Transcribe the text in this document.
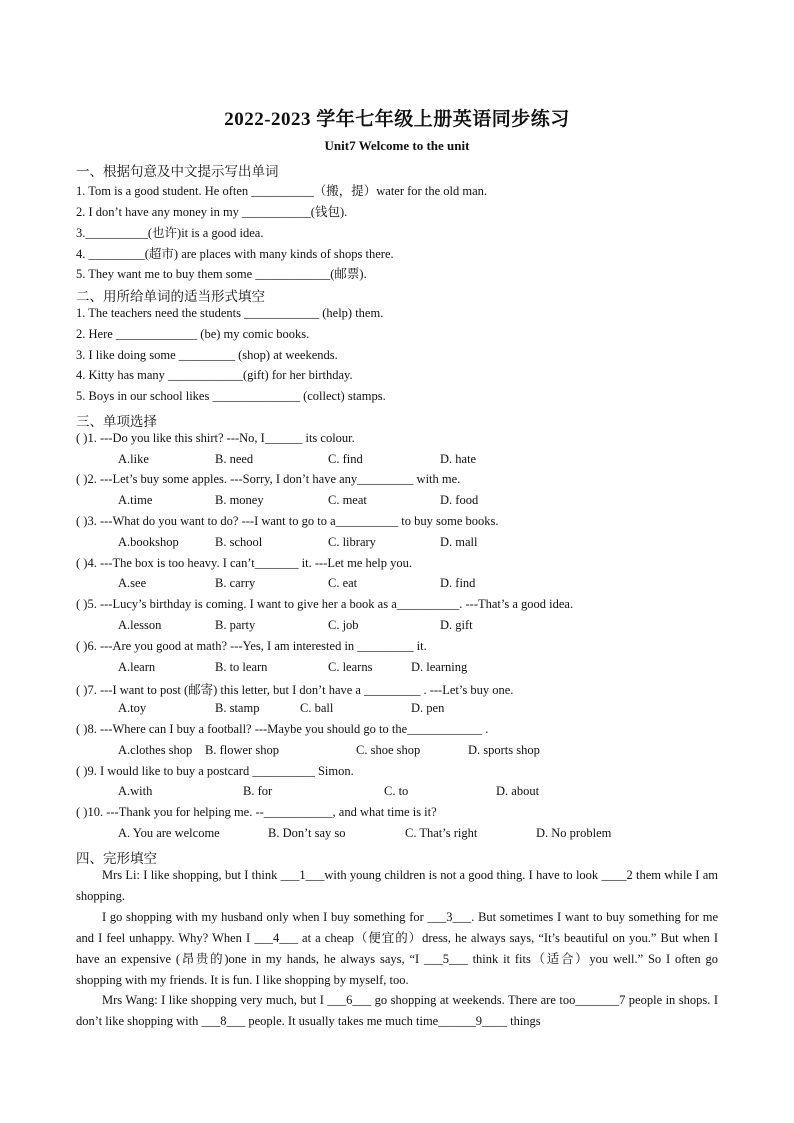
2022-2023 学年七年级上册英语同步练习
Unit7 Welcome to the unit
一、根据句意及中文提示写出单词
1. Tom is a good student. He often __________（搬，提）water for the old man.
2. I don’t have any money in my ___________(钱包).
3.__________(也许)it is a good idea.
4. _________(超市) are places with many kinds of shops there.
5. They want me to buy them some ____________(邮票).
二、用所给单词的适当形式填空
1. The teachers need the students ____________ (help) them.
2. Here _____________ (be) my comic books.
3. I like doing some _________ (shop) at weekends.
4. Kitty has many ____________(gift) for her birthday.
5. Boys in our school likes ______________ (collect) stamps.
三、单项选择
( )1. ---Do you like this shirt? ---No, I______ its colour.
A.like	B. need	C. find	D. hate
( )2. ---Let’s buy some apples. ---Sorry, I don’t have any_________ with me.
A.time	B. money	C. meat	D. food
( )3. ---What do you want to do? ---I want to go to a__________ to buy some books.
A.bookshop	B. school	C. library	D. mall
( )4. ---The box is too heavy. I can’t_______ it. ---Let me help you.
A.see	B. carry	C. eat	D. find
( )5. ---Lucy’s birthday is coming. I want to give her a book as a__________. ---That’s a good idea.
A.lesson	B. party	C. job	D. gift
( )6. ---Are you good at math? ---Yes, I am interested in _________ it.
A.learn	B. to learn	C. learns	D. learning
( )7. ---I want to post (邮寄) this letter, but I don’t have a _________ . ---Let’s buy one.
A.toy	B. stamp	C. ball	D. pen
( )8. ---Where can I buy a football? ---Maybe you should go to the____________ .
A.clothes shop B. flower shop	C. shoe shop	D. sports shop
( )9. I would like to buy a postcard __________ Simon.
A.with	B. for	C. to	D. about
( )10. ---Thank you for helping me. --___________, and what time is it?
A. You are welcome	B. Don’t say so	C. That’s right	D. No problem
四、完形填空
Mrs Li: I like shopping, but I think ___1___with young children is not a good thing. I have to look ____2 them while I am shopping.
I go shopping with my husband only when I buy something for ___3___. But sometimes I want to buy something for me and I feel unhappy. Why? When I ___4___ at a cheap（便宜的）dress, he always says, “It’s beautiful on you.” But when I have an expensive (昂贵的)one in my hands, he always says, “I ___5___ think it fits（适合）you well.” So I often go shopping with my friends. It is fun. I like shopping by myself, too.
Mrs Wang: I like shopping very much, but I ___6___ go shopping at weekends. There are too_______7 people in shops. I don’t like shopping with ___8___ people. It usually takes me much time______9____ things
